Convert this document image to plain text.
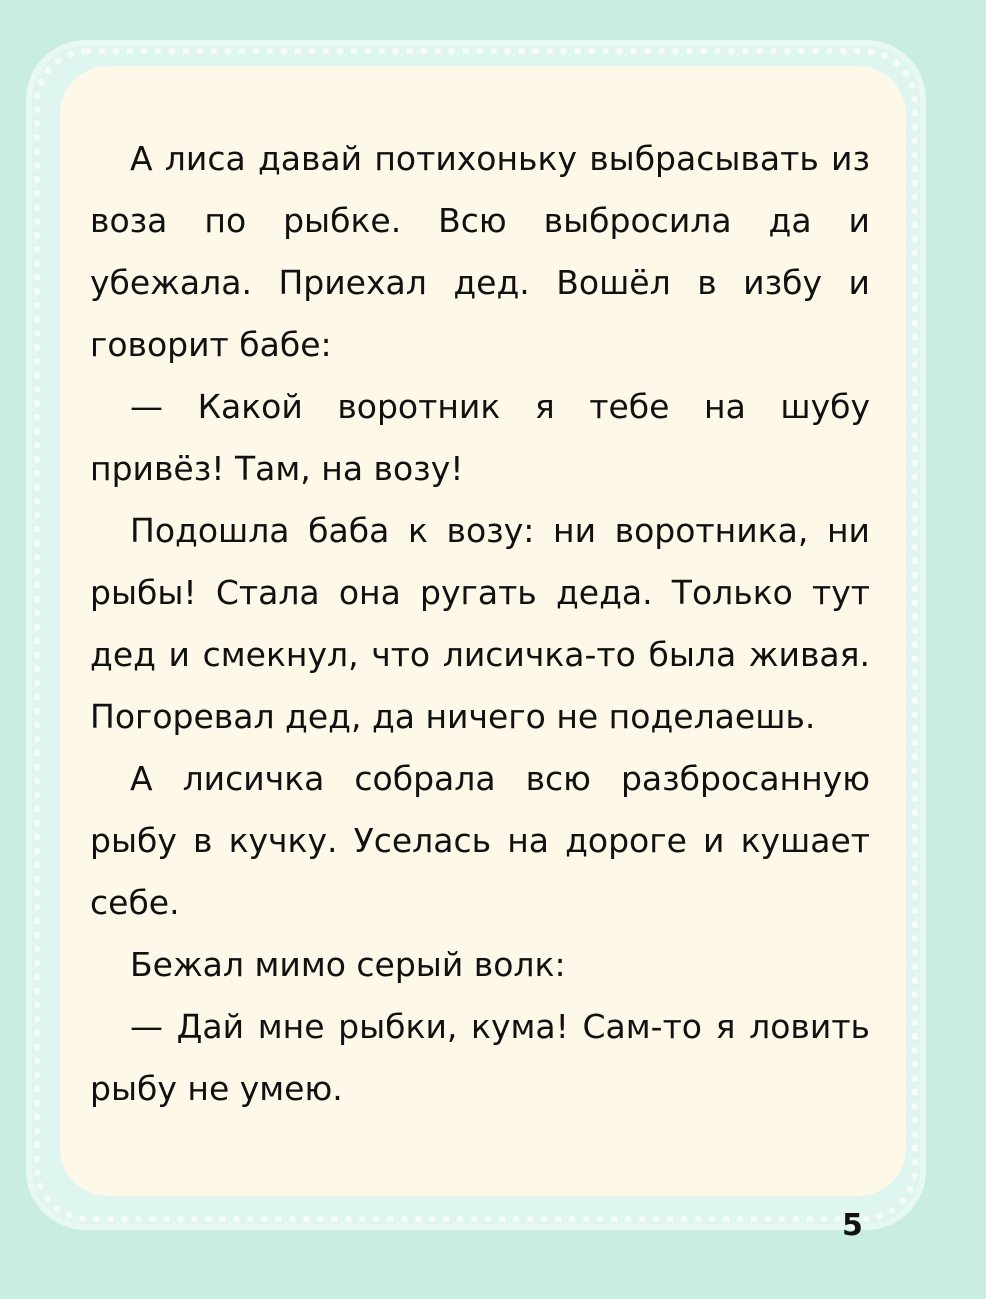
А лиса давай потихоньку выбрасывать из воза по рыбке. Всю выбросила да и убежала. Приехал дед. Вошёл в избу и говорит бабе:

— Какой воротник я тебе на шубу привёз! Там, на возу!

Подошла баба к возу: ни воротника, ни рыбы! Стала она ругать деда. Только тут дед и смекнул, что лисичка-то была живая. Погоревал дед, да ничего не поделаешь.

А лисичка собрала всю разбросанную рыбу в кучку. Уселась на дороге и кушает себе.

Бежал мимо серый волк:

— Дай мне рыбки, кума! Сам-то я ловить рыбу не умею.

5
